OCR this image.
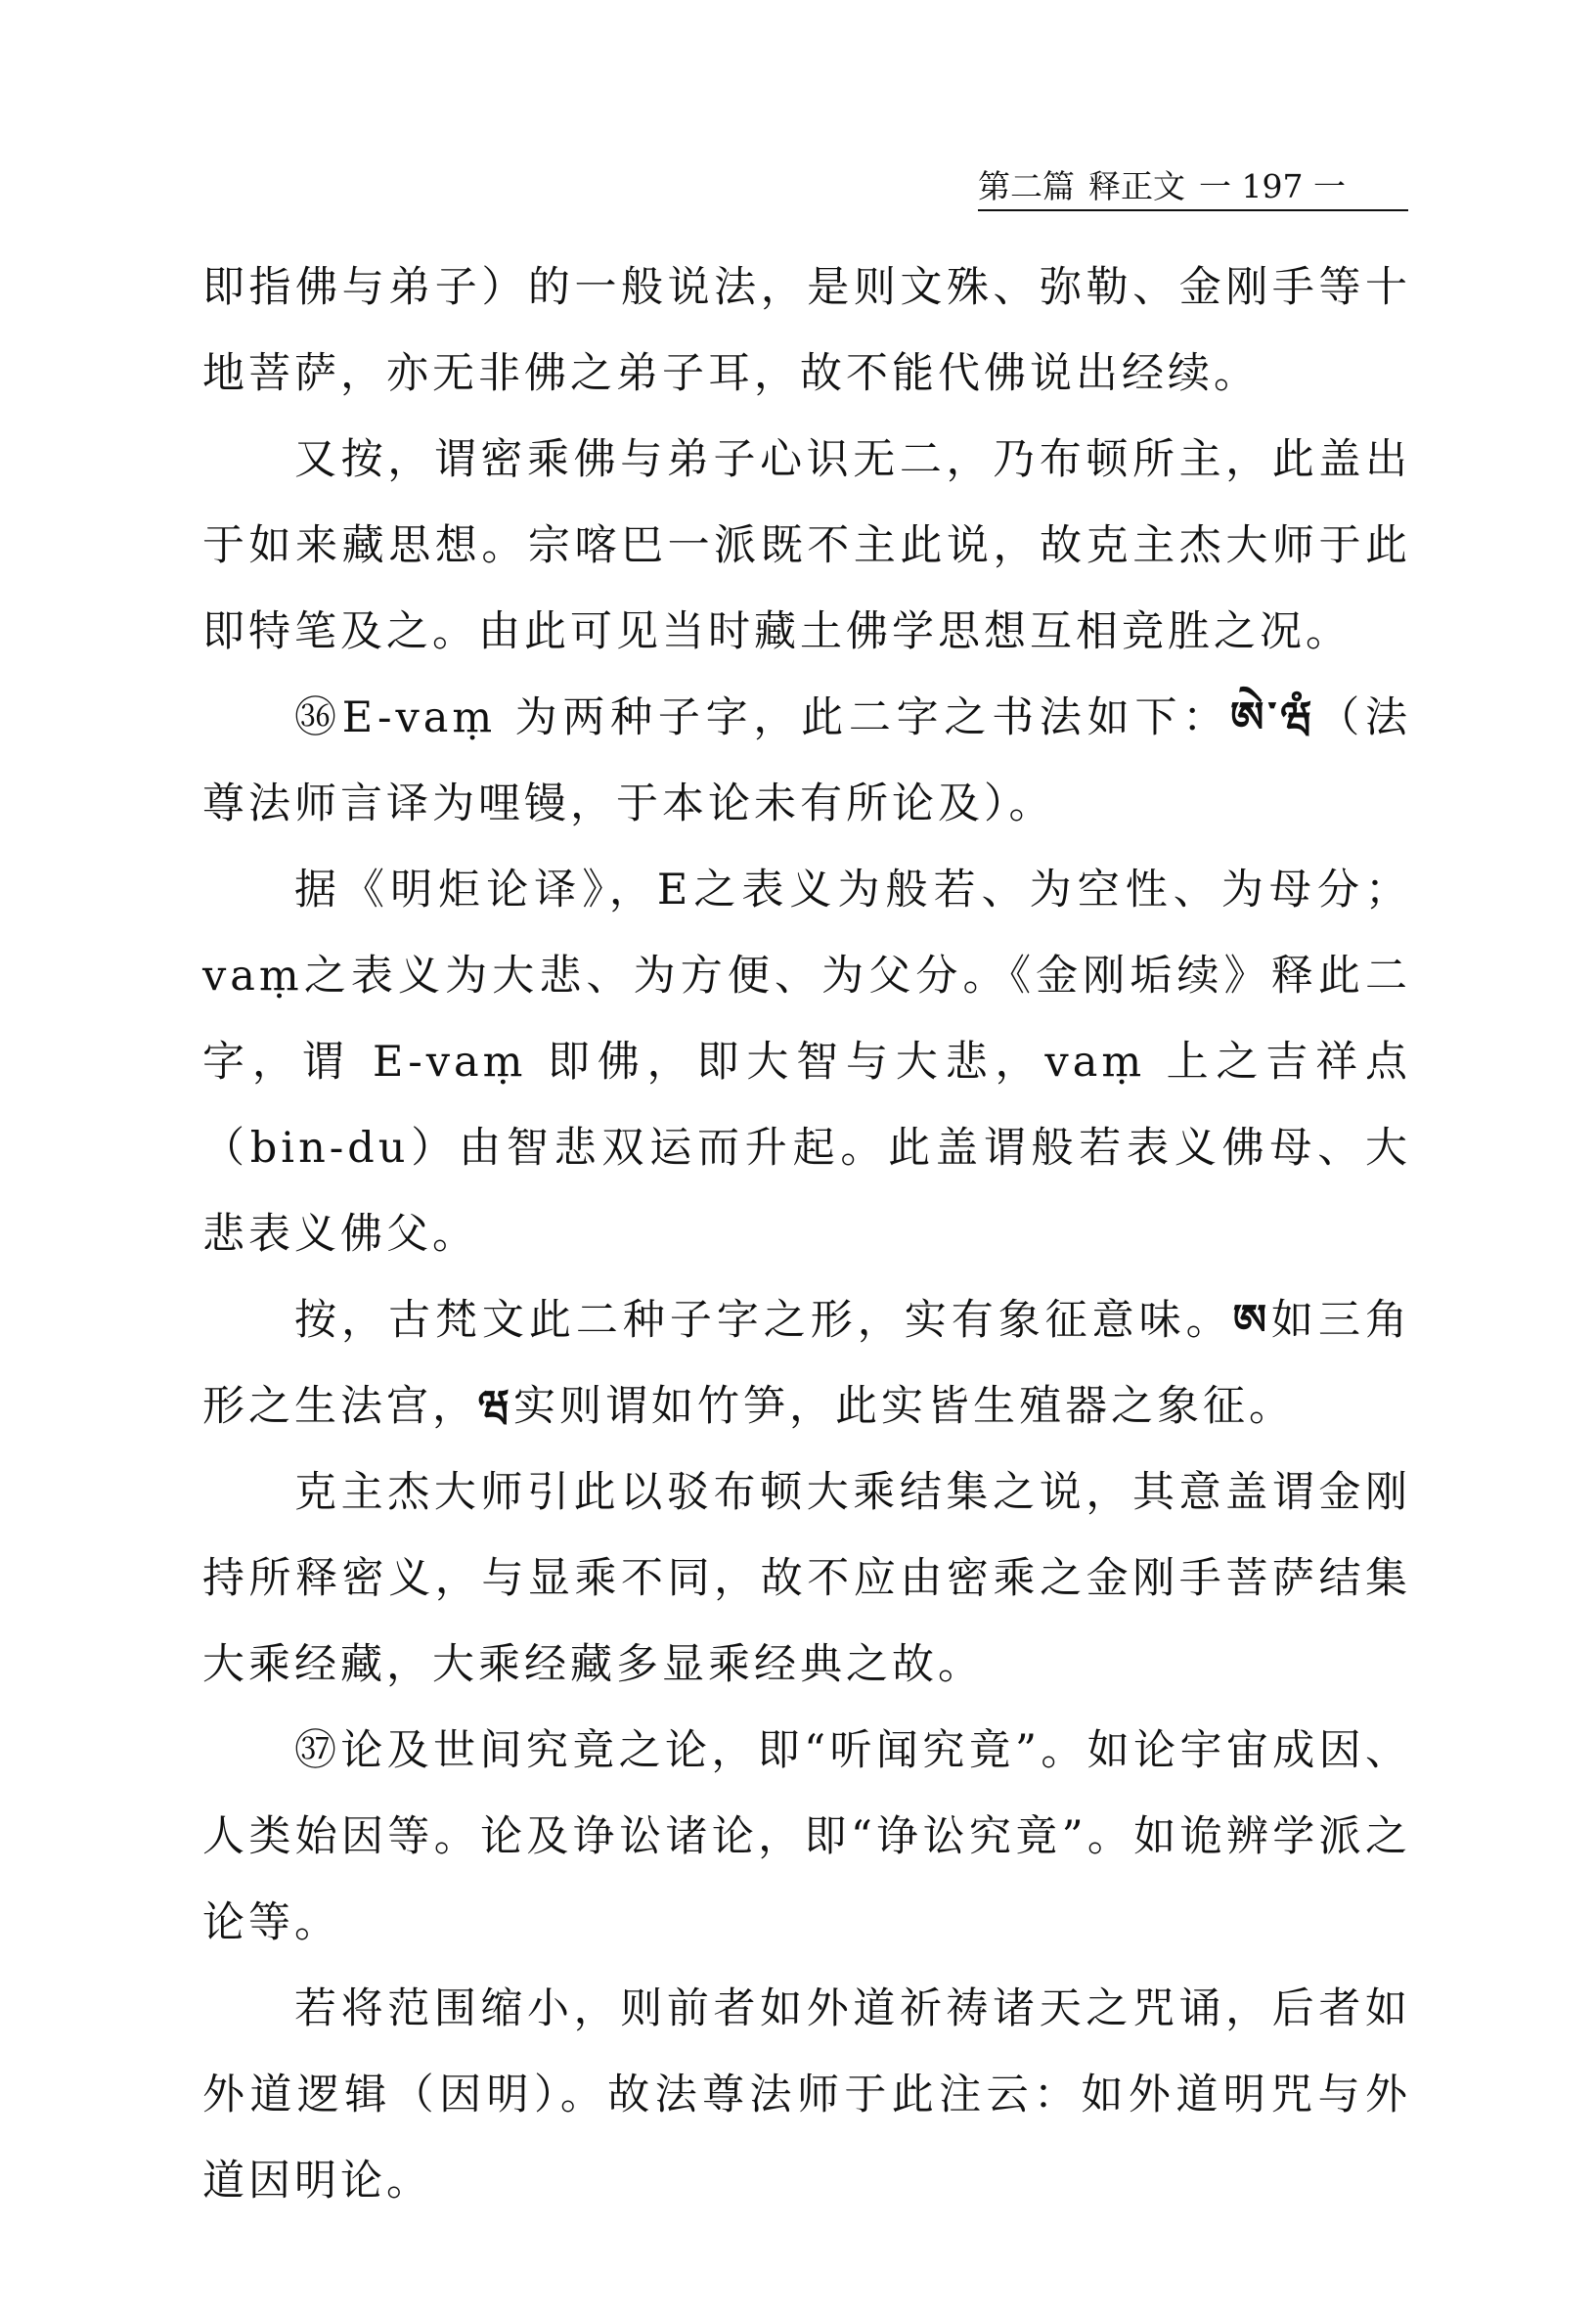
第二篇 释正文 一 197 一

即指佛与弟子）的一般说法，是则文殊、弥勒、金刚手等十地菩萨，亦无非佛之弟子耳，故不能代佛说出经续。

又按，谓密乘佛与弟子心识无二，乃布顿所主，此盖出于如来藏思想。宗喀巴一派既不主此说，故克主杰大师于此即特笔及之。由此可见当时藏土佛学思想互相竞胜之况。

㊱E-vaṃ 为两种子字，此二字之书法如下：ཨེ་ཝཾ（法尊法师言译为哩镘，于本论未有所论及）。

据《明炬论译》，E之表义为般若、为空性、为母分；vaṃ之表义为大悲、为方便、为父分。《金刚垢续》释此二字，谓 E-vaṃ 即佛，即大智与大悲，vaṃ 上之吉祥点（bin-du）由智悲双运而升起。此盖谓般若表义佛母、大悲表义佛父。

按，古梵文此二种子字之形，实有象征意味。ཨ如三角形之生法宫，ཝ实则谓如竹笋，此实皆生殖器之象征。

克主杰大师引此以驳布顿大乘结集之说，其意盖谓金刚持所释密义，与显乘不同，故不应由密乘之金刚手菩萨结集大乘经藏，大乘经藏多显乘经典之故。

㊲论及世间究竟之论，即“听闻究竟”。如论宇宙成因、人类始因等。论及诤讼诸论，即“诤讼究竟”。如诡辨学派之论等。

若将范围缩小，则前者如外道祈祷诸天之咒诵，后者如外道逻辑（因明）。故法尊法师于此注云：如外道明咒与外道因明论。
